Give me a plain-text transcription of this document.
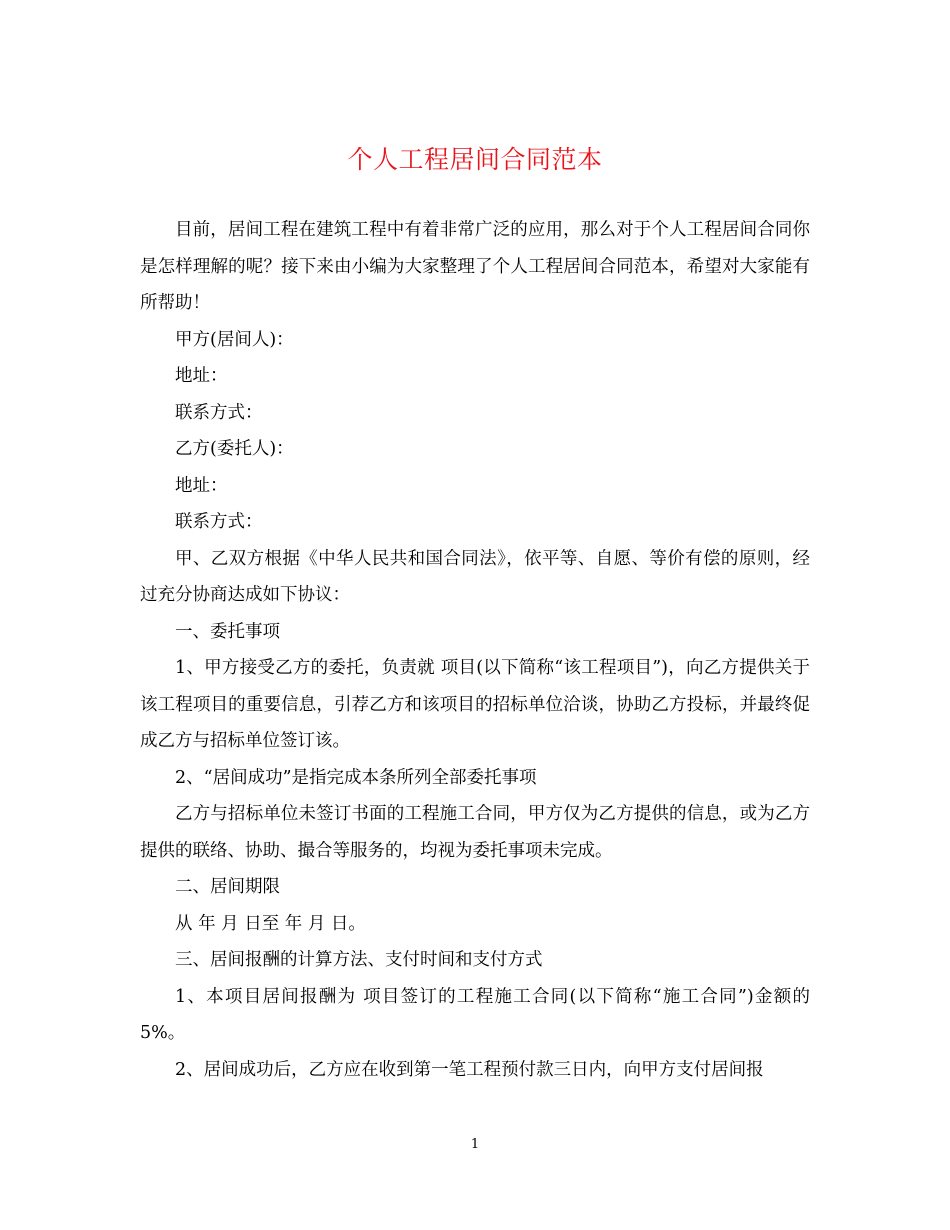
个人工程居间合同范本

目前，居间工程在建筑工程中有着非常广泛的应用，那么对于个人工程居间合同你是怎样理解的呢？接下来由小编为大家整理了个人工程居间合同范本，希望对大家能有所帮助！

甲方(居间人)：

地址：

联系方式：

乙方(委托人)：

地址：

联系方式：

甲、乙双方根据《中华人民共和国合同法》，依平等、自愿、等价有偿的原则，经过充分协商达成如下协议：

一、委托事项

1、甲方接受乙方的委托，负责就 项目(以下简称“该工程项目”)，向乙方提供关于该工程项目的重要信息，引荐乙方和该项目的招标单位洽谈，协助乙方投标，并最终促成乙方与招标单位签订该。

2、“居间成功”是指完成本条所列全部委托事项

乙方与招标单位未签订书面的工程施工合同，甲方仅为乙方提供的信息，或为乙方提供的联络、协助、撮合等服务的，均视为委托事项未完成。

二、居间期限

从 年 月 日至 年 月 日。

三、居间报酬的计算方法、支付时间和支付方式

1、本项目居间报酬为 项目签订的工程施工合同(以下简称“施工合同”)金额的5%。

2、居间成功后，乙方应在收到第一笔工程预付款三日内，向甲方支付居间报

1
